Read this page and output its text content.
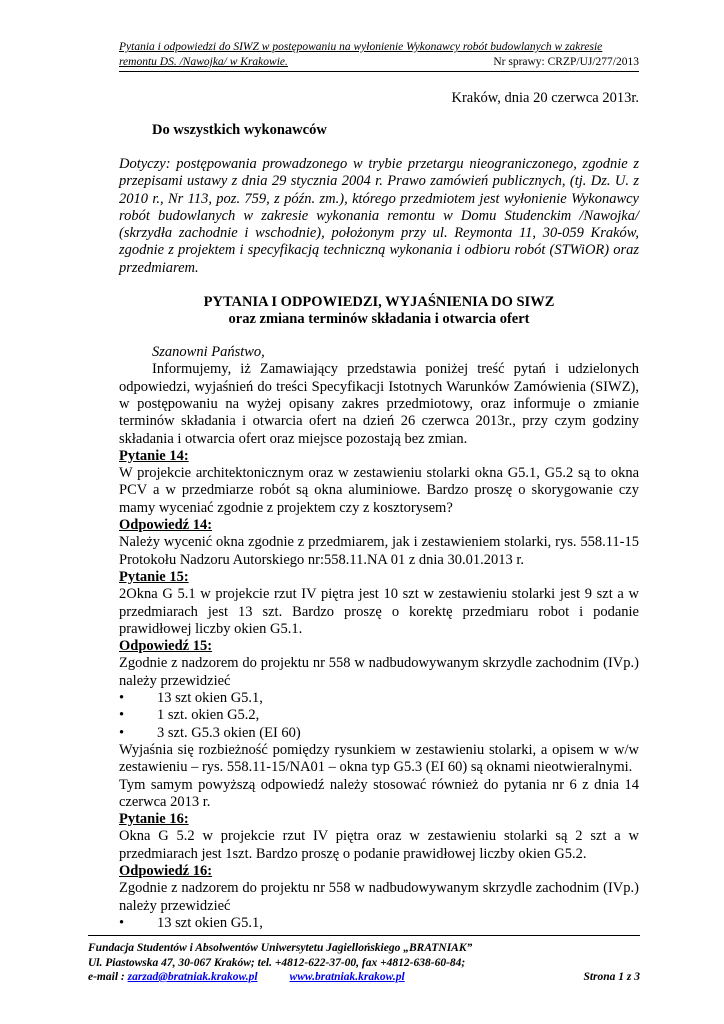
Pytania i odpowiedzi do SIWZ w postępowaniu na wyłonienie Wykonawcy robót budowlanych w zakresie
remontu DS. /Nawojka/ w Krakowie.	Nr sprawy: CRZP/UJ/277/2013
Kraków, dnia 20 czerwca 2013r.
Do wszystkich wykonawców
Dotyczy: postępowania prowadzonego w trybie przetargu nieograniczonego, zgodnie z przepisami ustawy z dnia 29 stycznia 2004 r. Prawo zamówień publicznych, (tj. Dz. U. z 2010 r., Nr 113, poz. 759, z późn. zm.), którego przedmiotem jest wyłonienie Wykonawcy robót budowlanych w zakresie wykonania remontu w Domu Studenckim /Nawojka/ (skrzydła zachodnie i wschodnie), położonym przy ul. Reymonta 11, 30-059 Kraków, zgodnie z projektem i specyfikacją techniczną wykonania i odbioru robót (STWiOR) oraz przedmiarem.
PYTANIA I ODPOWIEDZI, WYJAŚNIENIA DO SIWZ
oraz zmiana terminów składania i otwarcia ofert
Szanowni Państwo,
Informujemy, iż Zamawiający przedstawia poniżej treść pytań i udzielonych odpowiedzi, wyjaśnień do treści Specyfikacji Istotnych Warunków Zamówienia (SIWZ), w postępowaniu na wyżej opisany zakres przedmiotowy, oraz informuje o zmianie terminów składania i otwarcia ofert na dzień 26 czerwca 2013r., przy czym godziny składania i otwarcia ofert oraz miejsce pozostają bez zmian.
Pytanie 14:
W projekcie architektonicznym oraz w zestawieniu stolarki okna G5.1, G5.2 są to okna PCV a w przedmiarze robót są okna aluminiowe. Bardzo proszę o skorygowanie czy mamy wyceniać zgodnie z projektem czy z kosztorysem?
Odpowiedź 14:
Należy wycenić okna zgodnie z przedmiarem, jak i zestawieniem stolarki, rys. 558.11-15 Protokołu Nadzoru Autorskiego nr:558.11.NA 01 z dnia 30.01.2013 r.
Pytanie 15:
2Okna G 5.1 w projekcie rzut IV piętra jest 10 szt w zestawieniu stolarki jest 9 szt a w przedmiarach jest 13 szt. Bardzo proszę o korektę przedmiaru robot i podanie prawidłowej liczby okien G5.1.
Odpowiedź 15:
Zgodnie z nadzorem do projektu nr 558 w nadbudowywanym skrzydle zachodnim (IVp.) należy przewidzieć
•	13 szt okien G5.1,
•	1 szt. okien G5.2,
•	3 szt. G5.3 okien (EI 60)
Wyjaśnia się rozbieżność pomiędzy rysunkiem w zestawieniu stolarki, a opisem w w/w zestawieniu – rys. 558.11-15/NA01 – okna typ G5.3 (EI 60) są oknami nieotwieralnymi.
Tym samym powyższą odpowiedź należy stosować również do pytania nr 6 z dnia 14 czerwca 2013 r.
Pytanie 16:
Okna G 5.2 w projekcie rzut IV piętra oraz w zestawieniu stolarki są 2 szt a w przedmiarach jest 1szt. Bardzo proszę o podanie prawidłowej liczby okien G5.2.
Odpowiedź 16:
Zgodnie z nadzorem do projektu nr 558 w nadbudowywanym skrzydle zachodnim (IVp.) należy przewidzieć
•	13 szt okien G5.1,
Fundacja Studentów i Absolwentów Uniwersytetu Jagiellońskiego „BRATNIAK”
Ul. Piastowska 47, 30-067 Kraków; tel. +4812-622-37-00, fax +4812-638-60-84;
e-mail : zarzad@bratniak.krakow.pl	www.bratniak.krakow.pl	Strona 1 z 3
